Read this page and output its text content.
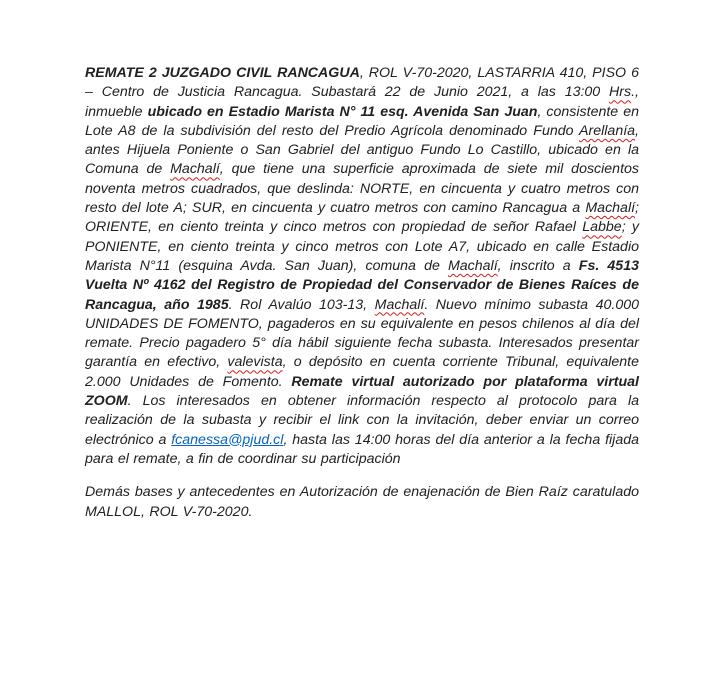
REMATE 2 JUZGADO CIVIL RANCAGUA, ROL V-70-2020, LASTARRIA 410, PISO 6 – Centro de Justicia Rancagua. Subastará 22 de Junio 2021, a las 13:00 Hrs., inmueble ubicado en Estadio Marista N° 11 esq. Avenida San Juan, consistente en Lote A8 de la subdivisión del resto del Predio Agrícola denominado Fundo Arellanía, antes Hijuela Poniente o San Gabriel del antiguo Fundo Lo Castillo, ubicado en la Comuna de Machalí, que tiene una superficie aproximada de siete mil doscientos noventa metros cuadrados, que deslinda: NORTE, en cincuenta y cuatro metros con resto del lote A; SUR, en cincuenta y cuatro metros con camino Rancagua a Machalí; ORIENTE, en ciento treinta y cinco metros con propiedad de señor Rafael Labbe; y PONIENTE, en ciento treinta y cinco metros con Lote A7, ubicado en calle Estadio Marista N°11 (esquina Avda. San Juan), comuna de Machalí, inscrito a Fs. 4513 Vuelta Nº 4162 del Registro de Propiedad del Conservador de Bienes Raíces de Rancagua, año 1985. Rol Avalúo 103-13, Machalí. Nuevo mínimo subasta 40.000 UNIDADES DE FOMENTO, pagaderos en su equivalente en pesos chilenos al día del remate. Precio pagadero 5° día hábil siguiente fecha subasta. Interesados presentar garantía en efectivo, valevista, o depósito en cuenta corriente Tribunal, equivalente 2.000 Unidades de Fomento. Remate virtual autorizado por plataforma virtual ZOOM. Los interesados en obtener información respecto al protocolo para la realización de la subasta y recibir el link con la invitación, deber enviar un correo electrónico a fcanessa@pjud.cl, hasta las 14:00 horas del día anterior a la fecha fijada para el remate, a fin de coordinar su participación

Demás bases y antecedentes en Autorización de enajenación de Bien Raíz caratulado MALLOL, ROL V-70-2020.
